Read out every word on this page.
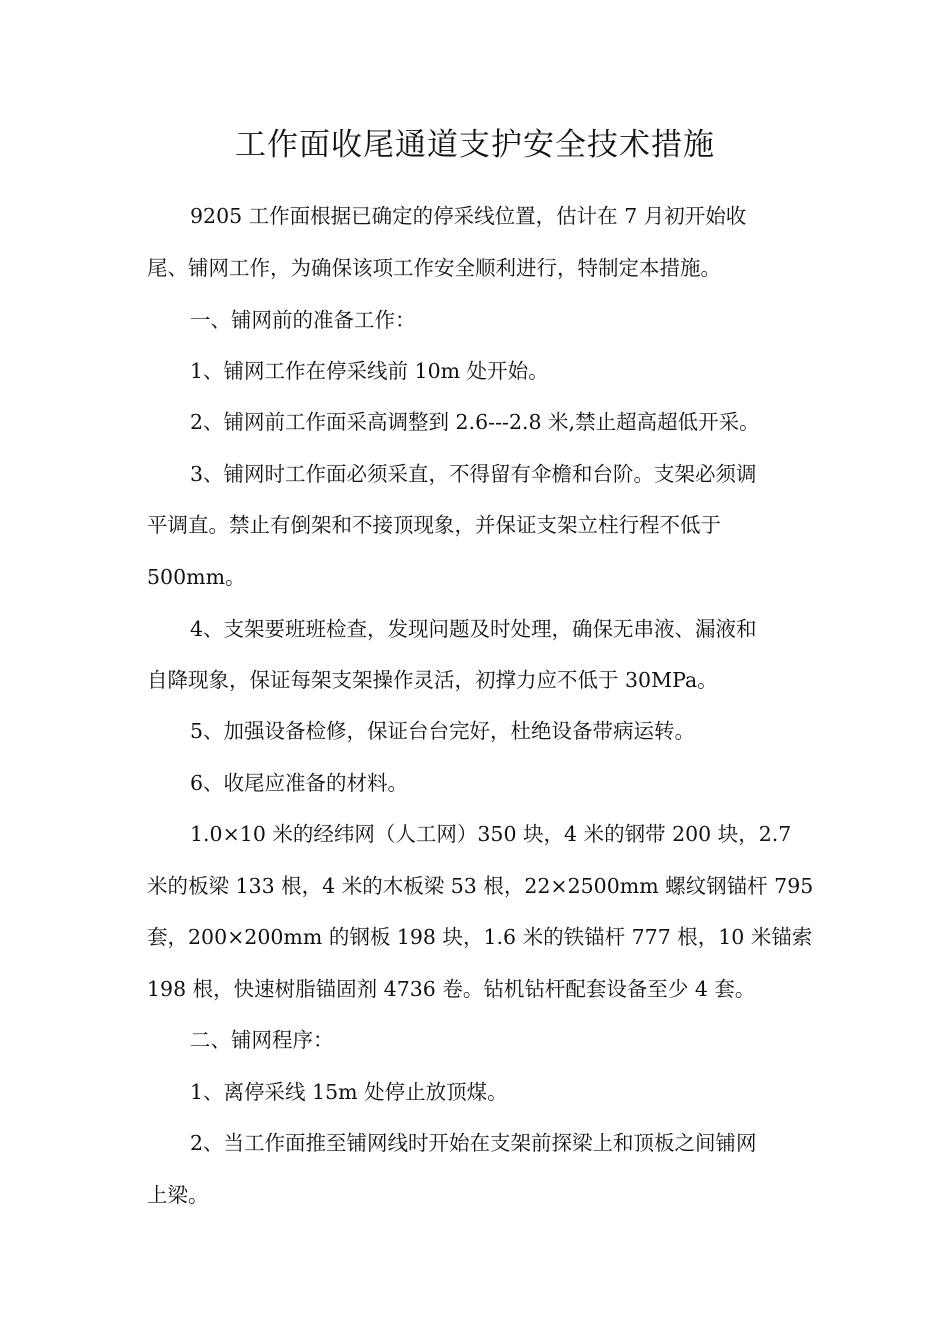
工作面收尾通道支护安全技术措施
9205 工作面根据已确定的停采线位置，估计在 7 月初开始收
尾、铺网工作，为确保该项工作安全顺利进行，特制定本措施。
一、铺网前的准备工作：
1、铺网工作在停采线前 10m 处开始。
2、铺网前工作面采高调整到 2.6---2.8 米,禁止超高超低开采。
3、铺网时工作面必须采直，不得留有伞檐和台阶。支架必须调
平调直。禁止有倒架和不接顶现象，并保证支架立柱行程不低于
500mm。
4、支架要班班检查，发现问题及时处理，确保无串液、漏液和
自降现象，保证每架支架操作灵活，初撑力应不低于 30MPa。
5、加强设备检修，保证台台完好，杜绝设备带病运转。
6、收尾应准备的材料。
1.0×10 米的经纬网（人工网）350 块，4 米的钢带 200 块，2.7
米的板梁 133 根，4 米的木板梁 53 根，22×2500mm 螺纹钢锚杆 795
套，200×200mm 的钢板 198 块，1.6 米的铁锚杆 777 根，10 米锚索
198 根，快速树脂锚固剂 4736 卷。钻机钻杆配套设备至少 4 套。
二、铺网程序：
1、离停采线 15m 处停止放顶煤。
2、当工作面推至铺网线时开始在支架前探梁上和顶板之间铺网
上梁。
